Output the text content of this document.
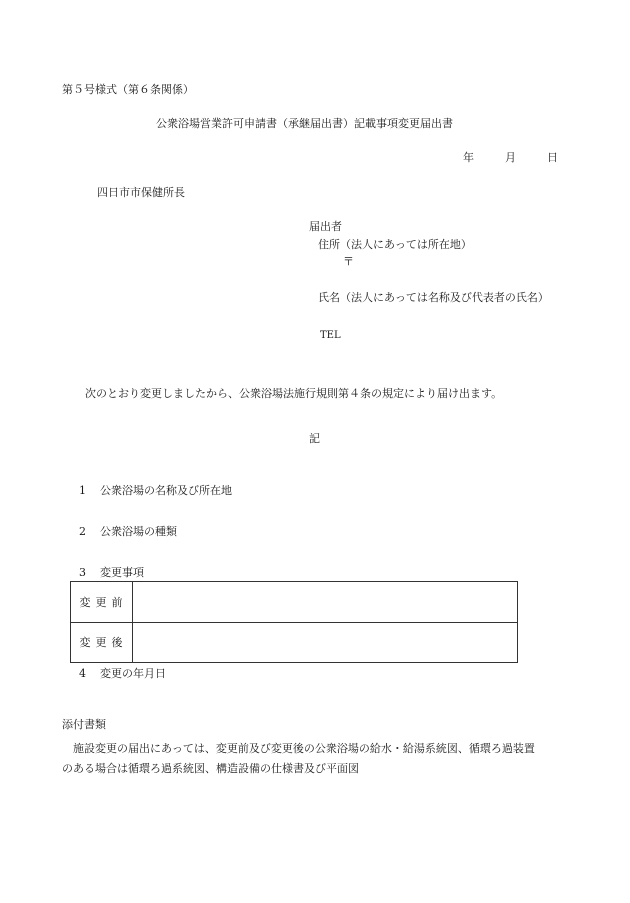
第５号様式（第６条関係）
公衆浴場営業許可申請書（承継届出書）記載事項変更届出書
年	月	日
四日市市保健所長
届出者
住所（法人にあっては所在地）
〒
氏名（法人にあっては名称及び代表者の氏名）
TEL
次のとおり変更しましたから、公衆浴場法施行規則第４条の規定により届け出ます。
記
1 公衆浴場の名称及び所在地
2 公衆浴場の種類
3 変更事項
変更前
変更後
4 変更の年月日
添付書類
施設変更の届出にあっては、変更前及び変更後の公衆浴場の給水・給湯系統図、循環ろ過装置
のある場合は循環ろ過系統図、構造設備の仕様書及び平面図
